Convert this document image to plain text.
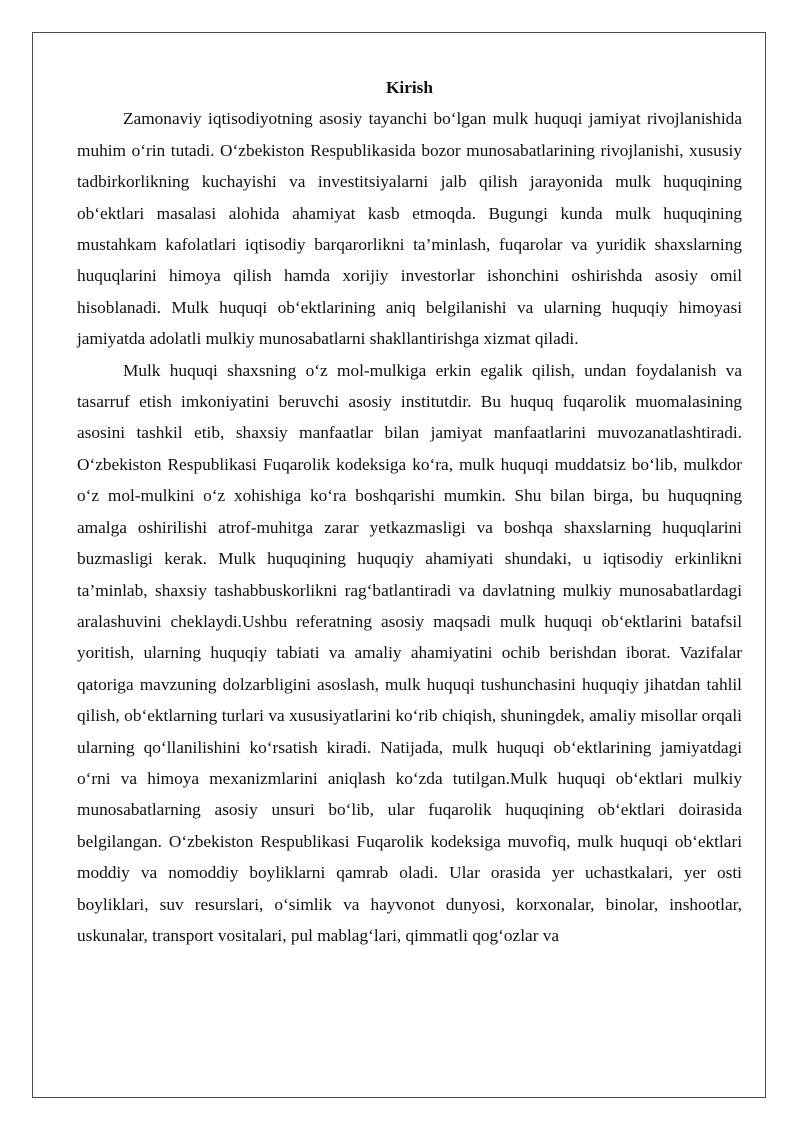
Kirish

Zamonaviy iqtisodiyotning asosiy tayanchi bo‘lgan mulk huquqi jamiyat rivojlanishida muhim o‘rin tutadi. O‘zbekiston Respublikasida bozor munosabatlarining rivojlanishi, xususiy tadbirkorlikning kuchayishi va investitsiyalarni jalb qilish jarayonida mulk huquqining ob‘ektlari masalasi alohida ahamiyat kasb etmoqda. Bugungi kunda mulk huquqining mustahkam kafolatlari iqtisodiy barqarorlikni ta’minlash, fuqarolar va yuridik shaxslarning huquqlarini himoya qilish hamda xorijiy investorlar ishonchini oshirishda asosiy omil hisoblanadi. Mulk huquqi ob‘ektlarining aniq belgilanishi va ularning huquqiy himoyasi jamiyatda adolatli mulkiy munosabatlarni shakllantirishga xizmat qiladi.

Mulk huquqi shaxsning o‘z mol-mulkiga erkin egalik qilish, undan foydalanish va tasarruf etish imkoniyatini beruvchi asosiy institutdir. Bu huquq fuqarolik muomalasining asosini tashkil etib, shaxsiy manfaatlar bilan jamiyat manfaatlarini muvozanatlashtiradi. O‘zbekiston Respublikasi Fuqarolik kodeksiga ko‘ra, mulk huquqi muddatsiz bo‘lib, mulkdor o‘z mol-mulkini o‘z xohishiga ko‘ra boshqarishi mumkin. Shu bilan birga, bu huquqning amalga oshirilishi atrof-muhitga zarar yetkazmasligi va boshqa shaxslarning huquqlarini buzmasligi kerak. Mulk huquqining huquqiy ahamiyati shundaki, u iqtisodiy erkinlikni ta’minlab, shaxsiy tashabbuskorlikni rag‘batlantiradi va davlatning mulkiy munosabatlardagi aralashuvini cheklaydi.Ushbu referatning asosiy maqsadi mulk huquqi ob‘ektlarini batafsil yoritish, ularning huquqiy tabiati va amaliy ahamiyatini ochib berishdan iborat. Vazifalar qatoriga mavzuning dolzarbligini asoslash, mulk huquqi tushunchasini huquqiy jihatdan tahlil qilish, ob‘ektlarning turlari va xususiyatlarini ko‘rib chiqish, shuningdek, amaliy misollar orqali ularning qo‘llanilishini ko‘rsatish kiradi. Natijada, mulk huquqi ob‘ektlarining jamiyatdagi o‘rni va himoya mexanizmlarini aniqlash ko‘zda tutilgan.Mulk huquqi ob‘ektlari mulkiy munosabatlarning asosiy unsuri bo‘lib, ular fuqarolik huquqining ob‘ektlari doirasida belgilangan. O‘zbekiston Respublikasi Fuqarolik kodeksiga muvofiq, mulk huquqi ob‘ektlari moddiy va nomoddiy boyliklarni qamrab oladi. Ular orasida yer uchastkalari, yer osti boyliklari, suv resurslari, o‘simlik va hayvonot dunyosi, korxonalar, binolar, inshootlar, uskunalar, transport vositalari, pul mablag‘lari, qimmatli qog‘ozlar va
